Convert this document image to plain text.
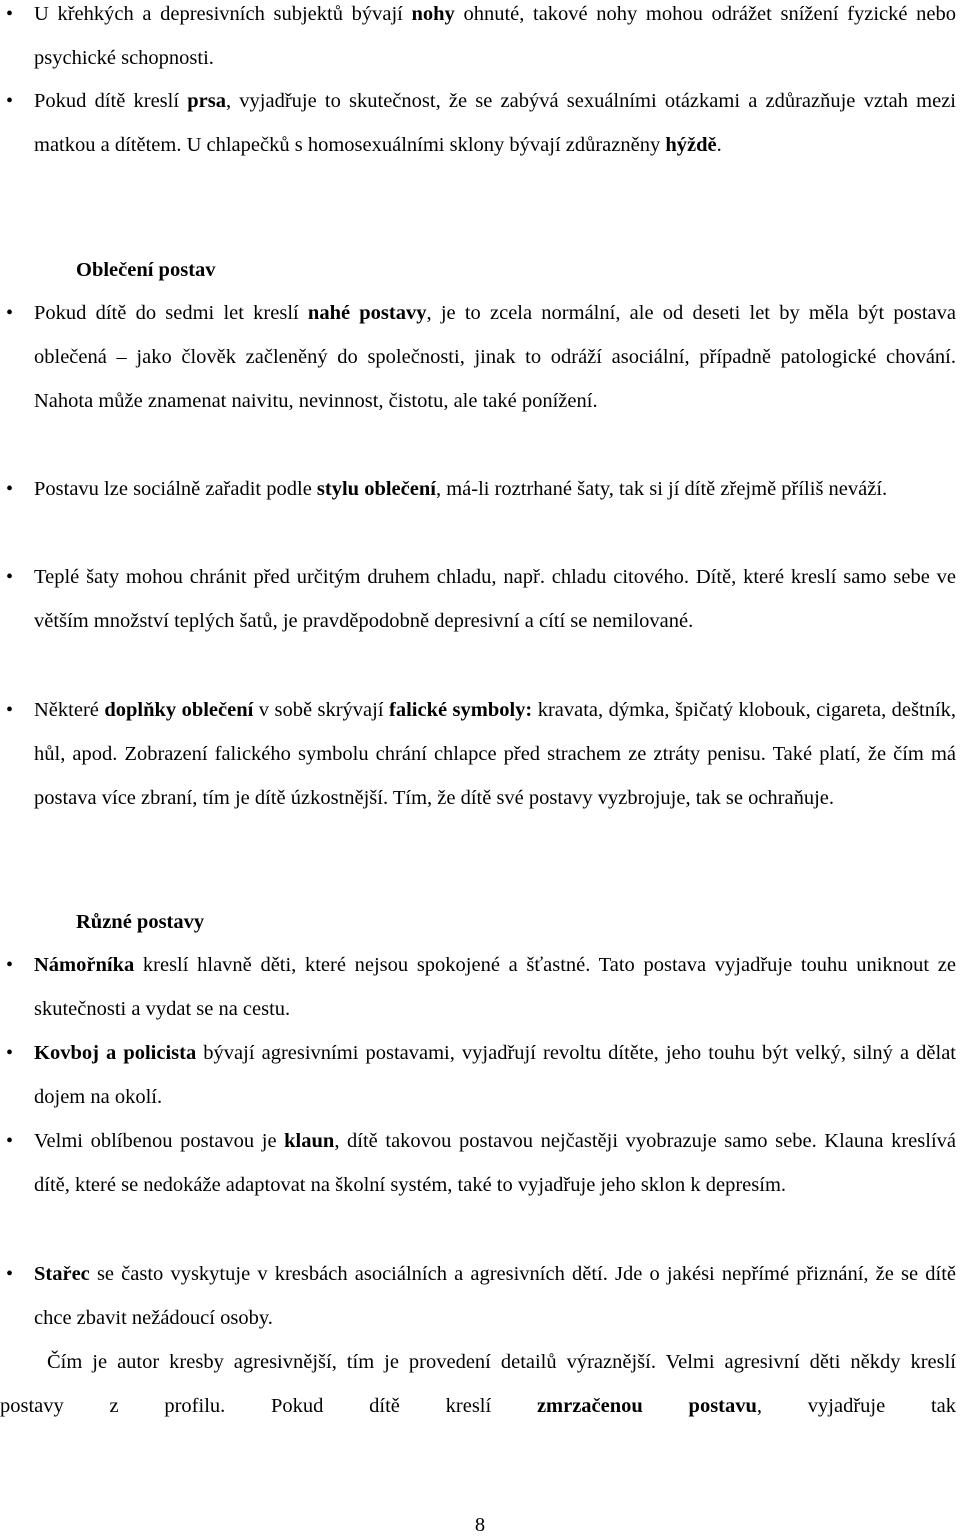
• U křehkých a depresivních subjektů bývají nohy ohnuté, takové nohy mohou odrážet snížení fyzické nebo psychické schopnosti.
• Pokud dítě kreslí prsa, vyjadřuje to skutečnost, že se zabývá sexuálními otázkami a zdůrazňuje vztah mezi matkou a dítětem. U chlapečků s homosexuálními sklony bývají zdůrazněny hýždě.
Oblečení postav
• Pokud dítě do sedmi let kreslí nahé postavy, je to zcela normální, ale od deseti let by měla být postava oblečená – jako člověk začleněný do společnosti, jinak to odráží asociální, případně patologické chování. Nahota může znamenat naivitu, nevinnost, čistotu, ale také ponížení.
• Postavu lze sociálně zařadit podle stylu oblečení, má-li roztrhané šaty, tak si jí dítě zřejmě příliš neváží.
• Teplé šaty mohou chránit před určitým druhem chladu, např. chladu citového. Dítě, které kreslí samo sebe ve větším množství teplých šatů, je pravděpodobně depresivní a cítí se nemilované.
• Některé doplňky oblečení v sobě skrývají falické symboly: kravata, dýmka, špičatý klobouk, cigareta, deštník, hůl, apod. Zobrazení falického symbolu chrání chlapce před strachem ze ztráty penisu. Také platí, že čím má postava více zbraní, tím je dítě úzkostnější. Tím, že dítě své postavy vyzbrojuje, tak se ochraňuje.
Různé postavy
• Námořníka kreslí hlavně děti, které nejsou spokojené a šťastné. Tato postava vyjadřuje touhu uniknout ze skutečnosti a vydat se na cestu.
• Kovboj a policista bývají agresivními postavami, vyjadřují revoltu dítěte, jeho touhu být velký, silný a dělat dojem na okolí.
• Velmi oblíbenou postavou je klaun, dítě takovou postavou nejčastěji vyobrazuje samo sebe. Klauna kreslívá dítě, které se nedokáže adaptovat na školní systém, také to vyjadřuje jeho sklon k depresím.
• Stařec se často vyskytuje v kresbách asociálních a agresivních dětí. Jde o jakési nepřímé přiznání, že se dítě chce zbavit nežádoucí osoby.
Čím je autor kresby agresivnější, tím je provedení detailů výraznější. Velmi agresivní děti někdy kreslí postavy z profilu. Pokud dítě kreslí zmrzačenou postavu, vyjadřuje tak
8
